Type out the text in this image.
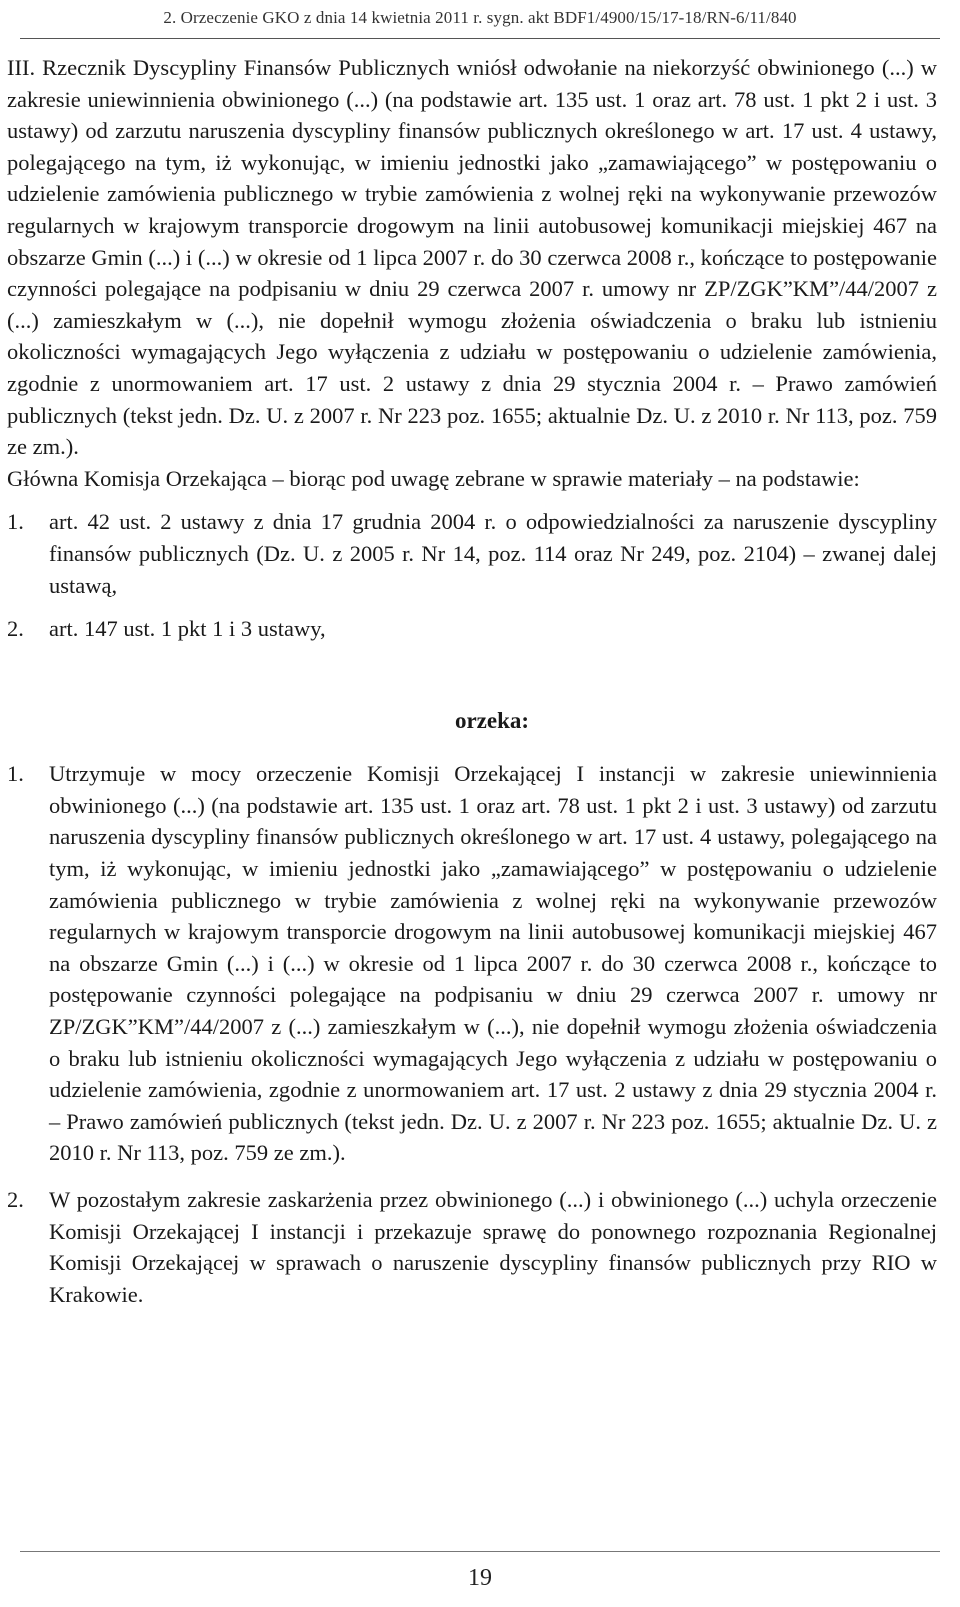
2. Orzeczenie GKO z dnia 14 kwietnia 2011 r. sygn. akt BDF1/4900/15/17-18/RN-6/11/840

III. Rzecznik Dyscypliny Finansów Publicznych wniósł odwołanie na niekorzyść obwinionego (...) w zakresie uniewinnienia obwinionego (...) (na podstawie art. 135 ust. 1 oraz art. 78 ust. 1 pkt 2 i ust. 3 ustawy) od zarzutu naruszenia dyscypliny finansów publicznych określonego w art. 17 ust. 4 ustawy, polegającego na tym, iż wykonując, w imieniu jednostki jako „zamawiającego” w postępowaniu o udzielenie zamówienia publicznego w trybie zamówienia z wolnej ręki na wykonywanie przewozów regularnych w krajowym transporcie drogowym na linii autobusowej komunikacji miejskiej 467 na obszarze Gmin (...) i (...) w okresie od 1 lipca 2007 r. do 30 czerwca 2008 r., kończące to postępowanie czynności polegające na podpisaniu w dniu 29 czerwca 2007 r. umowy nr ZP/ZGK”KM”/44/2007 z (...) zamieszkałym w (...), nie dopełnił wymogu złożenia oświadczenia o braku lub istnieniu okoliczności wymagających Jego wyłączenia z udziału w postępowaniu o udzielenie zamówienia, zgodnie z unormowaniem art. 17 ust. 2 ustawy z dnia 29 stycznia 2004 r. – Prawo zamówień publicznych (tekst jedn. Dz. U. z 2007 r. Nr 223 poz. 1655; aktualnie Dz. U. z 2010 r. Nr 113, poz. 759 ze zm.).

Główna Komisja Orzekająca – biorąc pod uwagę zebrane w sprawie materiały – na podstawie:

1.	art. 42 ust. 2 ustawy z dnia 17 grudnia 2004 r. o odpowiedzialności za naruszenie dyscypliny finansów publicznych (Dz. U. z 2005 r. Nr 14, poz. 114 oraz Nr 249, poz. 2104) – zwanej dalej ustawą,
2.	art. 147 ust. 1 pkt 1 i 3 ustawy,
orzeka:
1.	Utrzymuje w mocy orzeczenie Komisji Orzekającej I instancji w zakresie uniewinnienia obwinionego (...) (na podstawie art. 135 ust. 1 oraz art. 78 ust. 1 pkt 2 i ust. 3 ustawy) od zarzutu naruszenia dyscypliny finansów publicznych określonego w art. 17 ust. 4 ustawy, polegającego na tym, iż wykonując, w imieniu jednostki jako „zamawiającego” w postępowaniu o udzielenie zamówienia publicznego w trybie zamówienia z wolnej ręki na wykonywanie przewozów regularnych w krajowym transporcie drogowym na linii autobusowej komunikacji miejskiej 467 na obszarze Gmin (...) i (...) w okresie od 1 lipca 2007 r. do 30 czerwca 2008 r., kończące to postępowanie czynności polegające na podpisaniu w dniu 29 czerwca 2007 r. umowy nr ZP/ZGK”KM”/44/2007 z (...) zamieszkałym w (...), nie dopełnił wymogu złożenia oświadczenia o braku lub istnieniu okoliczności wymagających Jego wyłączenia z udziału w postępowaniu o udzielenie zamówienia, zgodnie z unormowaniem art. 17 ust. 2 ustawy z dnia 29 stycznia 2004 r. – Prawo zamówień publicznych (tekst jedn. Dz. U. z 2007 r. Nr 223 poz. 1655; aktualnie Dz. U. z 2010 r. Nr 113, poz. 759 ze zm.).
2.	W pozostałym zakresie zaskarżenia przez obwinionego (...) i obwinionego (...) uchyla orzeczenie Komisji Orzekającej I instancji i przekazuje sprawę do ponownego rozpoznania Regionalnej Komisji Orzekającej w sprawach o naruszenie dyscypliny finansów publicznych przy RIO w Krakowie.
19
